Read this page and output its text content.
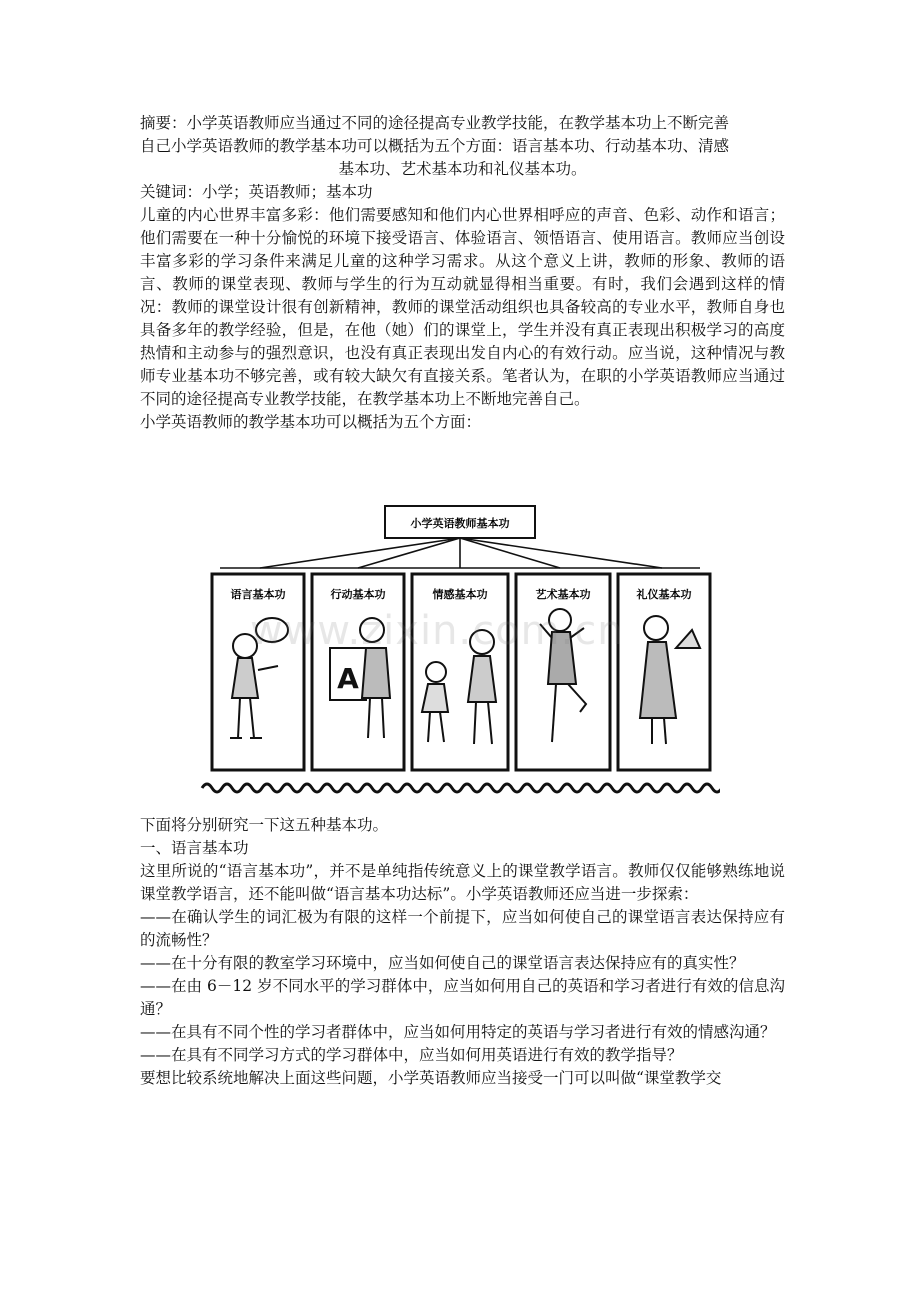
摘要：小学英语教师应当通过不同的途径提高专业教学技能，在教学基本功上不断完善

自己小学英语教师的教学基本功可以概括为五个方面：语言基本功、行动基本功、清感

基本功、艺术基本功和礼仪基本功。

关键词：小学；英语教师；基本功

儿童的内心世界丰富多彩：他们需要感知和他们内心世界相呼应的声音、色彩、动作和语言；他们需要在一种十分愉悦的环境下接受语言、体验语言、领悟语言、使用语言。教师应当创设丰富多彩的学习条件来满足儿童的这种学习需求。从这个意义上讲，教师的形象、教师的语言、教师的课堂表现、教师与学生的行为互动就显得相当重要。有时，我们会遇到这样的情况：教师的课堂设计很有创新精神，教师的课堂活动组织也具备较高的专业水平，教师自身也具备多年的教学经验，但是，在他（她）们的课堂上，学生并没有真正表现出积极学习的高度热情和主动参与的强烈意识，也没有真正表现出发自内心的有效行动。应当说，这种情况与教师专业基本功不够完善，或有较大缺欠有直接关系。笔者认为，在职的小学英语教师应当通过不同的途径提高专业教学技能，在教学基本功上不断地完善自己。

小学英语教师的教学基本功可以概括为五个方面：

小学英语教师基本功
语言基本功	行动基本功
A
情感基本功	艺术基本功	礼仪基本功
www.zixin.com.cn

下面将分别研究一下这五种基本功。

一、语言基本功

这里所说的“语言基本功”，并不是单纯指传统意义上的课堂教学语言。教师仅仅能够熟练地说课堂教学语言，还不能叫做“语言基本功达标”。小学英语教师还应当进一步探索：

——在确认学生的词汇极为有限的这样一个前提下，应当如何使自己的课堂语言表达保持应有的流畅性？

——在十分有限的教室学习环境中，应当如何使自己的课堂语言表达保持应有的真实性？

——在由 6－12 岁不同水平的学习群体中，应当如何用自己的英语和学习者进行有效的信息沟通？

——在具有不同个性的学习者群体中，应当如何用特定的英语与学习者进行有效的情感沟通？

——在具有不同学习方式的学习群体中，应当如何用英语进行有效的教学指导？

要想比较系统地解决上面这些问题，小学英语教师应当接受一门可以叫做“课堂教学交
